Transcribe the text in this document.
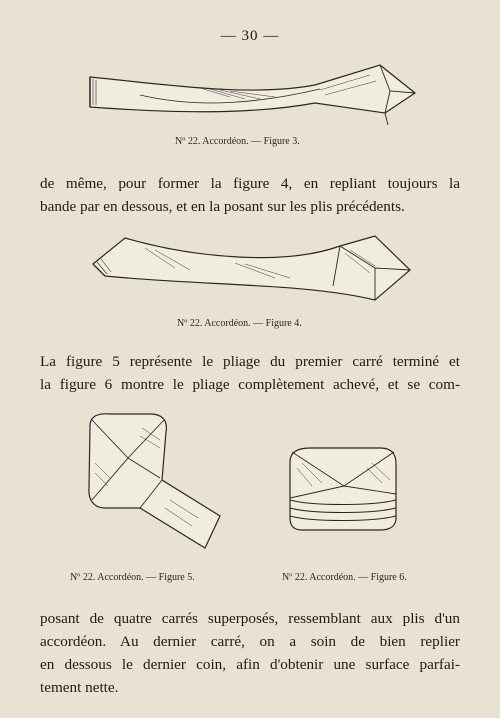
— 30 —
Nº 22. Accordéon. — Figure 3.
de même, pour former la figure 4, en repliant toujours la
bande par en dessous, et en la posant sur les plis précédents.
Nº 22. Accordéon. — Figure 4.
La figure 5 représente le pliage du premier carré terminé et
la figure 6 montre le pliage complètement achevé, et se com-
Nº 22. Accordéon. — Figure 5.	Nº 22. Accordéon. — Figure 6.
posant de quatre carrés superposés, ressemblant aux plis d'un
accordéon. Au dernier carré, on a soin de bien replier
en dessous le dernier coin, afin d'obtenir une surface parfai-
tement nette.
